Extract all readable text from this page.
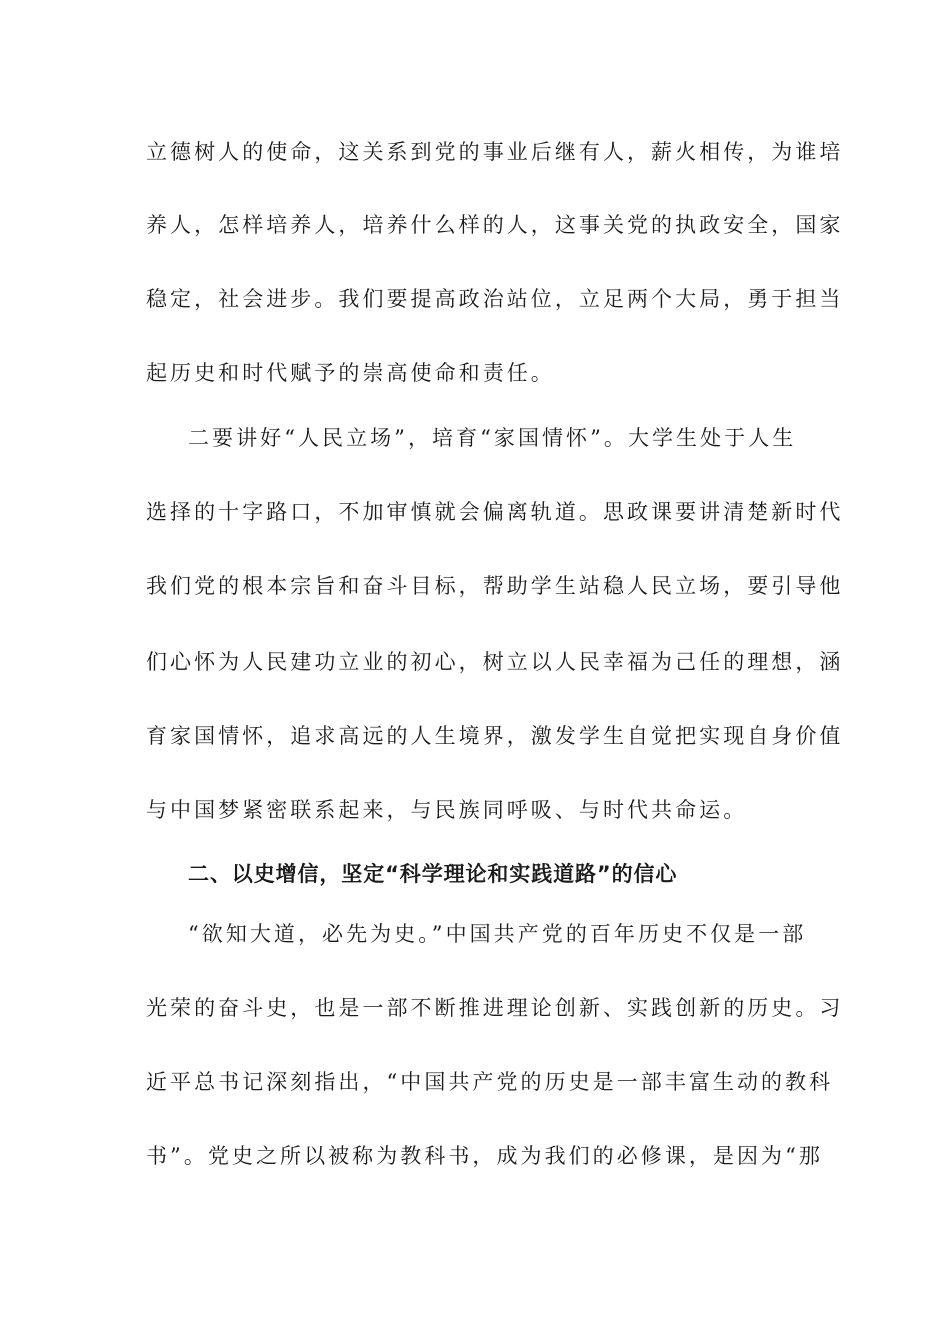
立德树人的使命，这关系到党的事业后继有人，薪火相传，为谁培
养人，怎样培养人，培养什么样的人，这事关党的执政安全，国家
稳定，社会进步。我们要提高政治站位，立足两个大局，勇于担当
起历史和时代赋予的崇高使命和责任。
二要讲好“人民立场”，培育“家国情怀”。大学生处于人生
选择的十字路口，不加审慎就会偏离轨道。思政课要讲清楚新时代
我们党的根本宗旨和奋斗目标，帮助学生站稳人民立场，要引导他
们心怀为人民建功立业的初心，树立以人民幸福为己任的理想，涵
育家国情怀，追求高远的人生境界，激发学生自觉把实现自身价值
与中国梦紧密联系起来，与民族同呼吸、与时代共命运。
二、以史增信，坚定“科学理论和实践道路”的信心
“欲知大道，必先为史。”中国共产党的百年历史不仅是一部
光荣的奋斗史，也是一部不断推进理论创新、实践创新的历史。习
近平总书记深刻指出，“中国共产党的历史是一部丰富生动的教科
书”。党史之所以被称为教科书，成为我们的必修课，是因为“那
